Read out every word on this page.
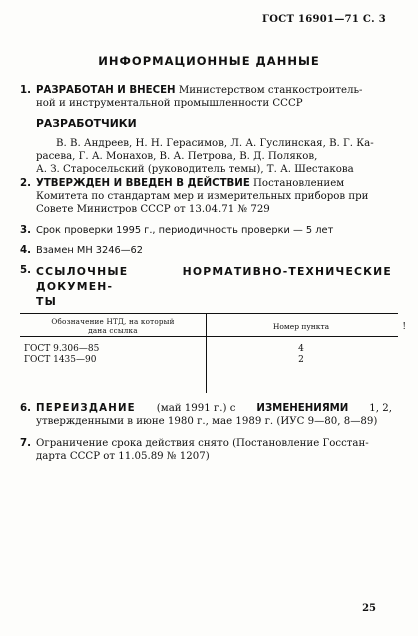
ГОСТ 16901—71 С. 3
ИНФОРМАЦИОННЫЕ ДАННЫЕ
1. РАЗРАБОТАН И ВНЕСЕН Министерством станкостроитель-
ной и инструментальной промышленности СССР
РАЗРАБОТЧИКИ
В. В. Андреев, Н. Н. Герасимов, Л. А. Гуслинская, В. Г. Ка-
расева, Г. А. Монахов, В. А. Петрова, В. Д. Поляков,
А. З. Старосельский (руководитель темы), Т. А. Шестакова
2. УТВЕРЖДЕН И ВВЕДЕН В ДЕЙСТВИЕ Постановлением
Комитета по стандартам мер и измерительных приборов при
Совете Министров СССР от 13.04.71 № 729
3. Срок проверки 1995 г., периодичность проверки — 5 лет
4. Взамен МН 3246—62
5. ССЫЛОЧНЫЕ НОРМАТИВНО-ТЕХНИЧЕСКИЕ ДОКУМЕН-
ТЫ
Обозначение НТД, на который
дана ссылка	Номер пункта
ГОСТ 9.306—85	4
ГОСТ 1435—90	2
!
6. ПЕРЕИЗДАНИЕ (май 1991 г.) с ИЗМЕНЕНИЯМИ 1, 2,
утвержденными в июне 1980 г., мае 1989 г. (ИУС 9—80, 8—89)
7. Ограничение срока действия снято (Постановление Госстан-
дарта СССР от 11.05.89 № 1207)
25
